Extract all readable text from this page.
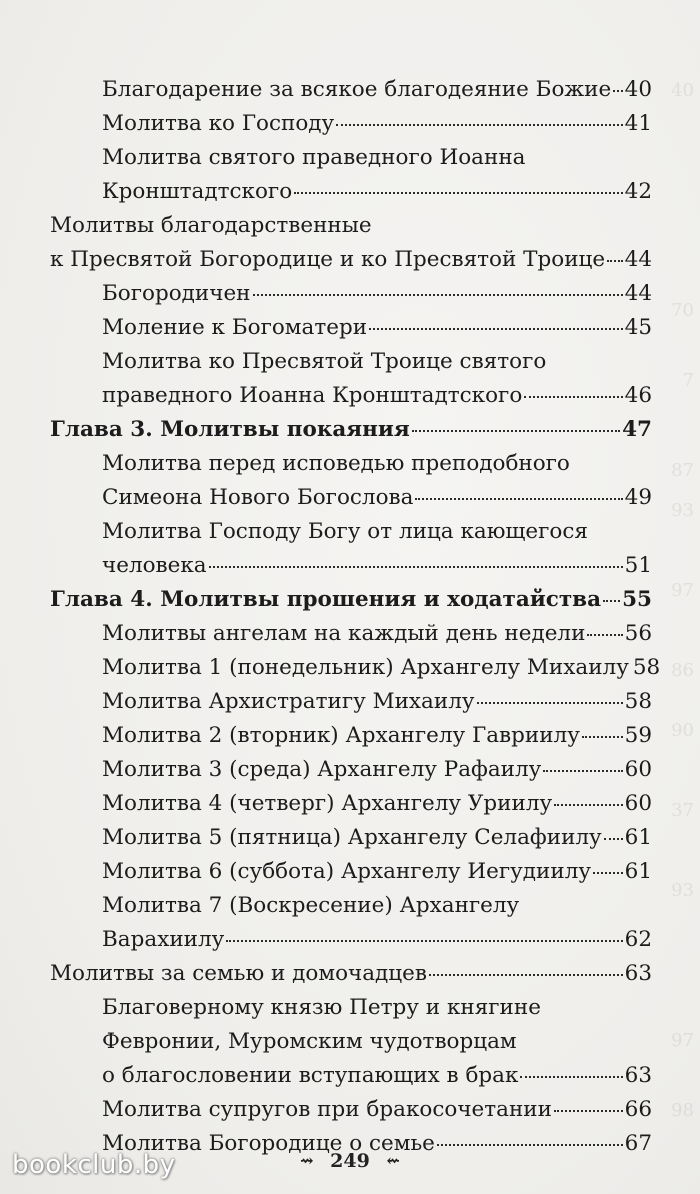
Благодарение за всякое благодеяние Божие 40
Молитва ко Господу	41
Молитва святого праведного Иоанна
Кронштадтского	42
Молитвы благодарственные
к Пресвятой Богородице и ко Пресвятой Троице 44
Богородичен	44
Моление к Богоматери	45
Молитва ко Пресвятой Троице святого
праведного Иоанна Кронштадтского	46
Глава 3. Молитвы покаяния	47
Молитва перед исповедью преподобного
Симеона Нового Богослова	49
Молитва Господу Богу от лица кающегося
человека	51
Глава 4. Молитвы прошения и ходатайства 55
Молитвы ангелам на каждый день недели 56
Молитва 1 (понедельник) Архангелу Михаилу 58
Молитва Архистратигу Михаилу	58
Молитва 2 (вторник) Архангелу Гавриилу 59
Молитва 3 (среда) Архангелу Рафаилу	60
Молитва 4 (четверг) Архангелу Уриилу	60
Молитва 5 (пятница) Архангелу Селафиилу 61
Молитва 6 (суббота) Архангелу Иегудиилу 61
Молитва 7 (Воскресение) Архангелу
Варахиилу	62
Молитвы за семью и домочадцев	63
Благоверному князю Петру и княгине
Февронии, Муромским чудотворцам
о благословении вступающих в брак	63
Молитва супругов при бракосочетании	66
Молитва Богородице о семье	67
⇝ 249 ⇜
bookclub.by
